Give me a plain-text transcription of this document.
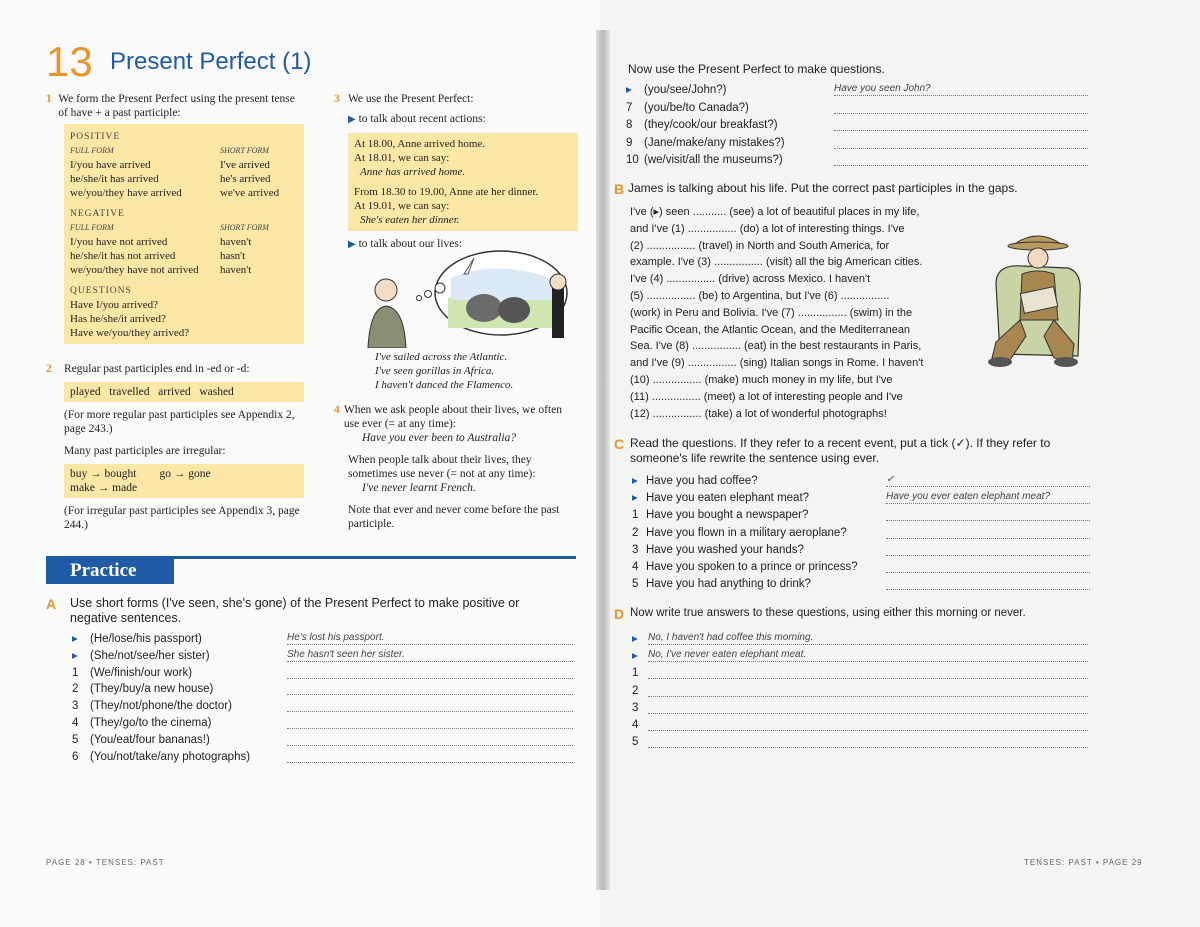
13 Present Perfect (1)
1 We form the Present Perfect using the present tense of have + a past participle:
POSITIVE
FULL FORM	SHORT FORM
I/you have arrived	I've arrived
he/she/it has arrived	he's arrived
we/you/they have arrived	we've arrived
NEGATIVE
FULL FORM	SHORT FORM
I/you have not arrived	haven't
he/she/it has not arrived	hasn't
we/you/they have not arrived	haven't
QUESTIONS
Have I/you arrived?
Has he/she/it arrived?
Have we/you/they arrived?
2	Regular past participles end in -ed or -d:
played   travelled   arrived   washed
(For more regular past participles see Appendix 2, page 243.)
Many past participles are irregular:
buy → bought        go → gone
make → made
(For irregular past participles see Appendix 3, page 244.)
3 We use the Present Perfect:
▶ to talk about recent actions:
At 18.00, Anne arrived home.
At 18.01, we can say:
Anne has arrived home.
From 18.30 to 19.00, Anne ate her dinner.
At 19.01, we can say:
She's eaten her dinner.
▶ to talk about our lives:
I've sailed across the Atlantic.
I've seen gorillas in Africa.
I haven't danced the Flamenco.
4 When we ask people about their lives, we often use ever (= at any time):
Have you ever been to Australia?
When people talk about their lives, they sometimes use never (= not at any time):
I've never learnt French.
Note that ever and never come before the past participle.
Practice
A Use short forms (I've seen, she's gone) of the Present Perfect to make positive or
negative sentences.
▸ (He/lose/his passport)	He's lost his passport.
▸ (She/not/see/her sister)	She hasn't seen her sister.
1 (We/finish/our work)
2 (They/buy/a new house)
3 (They/not/phone/the doctor)
4 (They/go/to the cinema)
5 (You/eat/four bananas!)
6 (You/not/take/any photographs)
PAGE 28 • TENSES: PAST
Now use the Present Perfect to make questions.
▸ (you/see/John?)	Have you seen John?
7 (you/be/to Canada?)
8 (they/cook/our breakfast?)
9 (Jane/make/any mistakes?)
10 (we/visit/all the museums?)
B James is talking about his life. Put the correct past participles in the gaps.
I've (▸) seen ........... (see) a lot of beautiful places in my life,
and I've (1) ................ (do) a lot of interesting things. I've
(2) ................ (travel) in North and South America, for
example. I've (3) ................ (visit) all the big American cities.
I've (4) ................ (drive) across Mexico. I haven't
(5) ................ (be) to Argentina, but I've (6) ................
(work) in Peru and Bolivia. I've (7) ................ (swim) in the
Pacific Ocean, the Atlantic Ocean, and the Mediterranean
Sea. I've (8) ................ (eat) in the best restaurants in Paris,
and I've (9) ................ (sing) Italian songs in Rome. I haven't
(10) ................ (make) much money in my life, but I've
(11) ................ (meet) a lot of interesting people and I've
(12) ................ (take) a lot of wonderful photographs!
C Read the questions. If they refer to a recent event, put a tick (✓). If they refer to
someone's life rewrite the sentence using ever.
▸ Have you had coffee?	✓
▸ Have you eaten elephant meat?	Have you ever eaten elephant meat?
1 Have you bought a newspaper?
2 Have you flown in a military aeroplane?
3 Have you washed your hands?
4 Have you spoken to a prince or princess?
5 Have you had anything to drink?
D Now write true answers to these questions, using either this morning or never.
▸ No, I haven't had coffee this morning.
▸ No, I've never eaten elephant meat.
1
2
3
4
5
TENSES: PAST • PAGE 29
